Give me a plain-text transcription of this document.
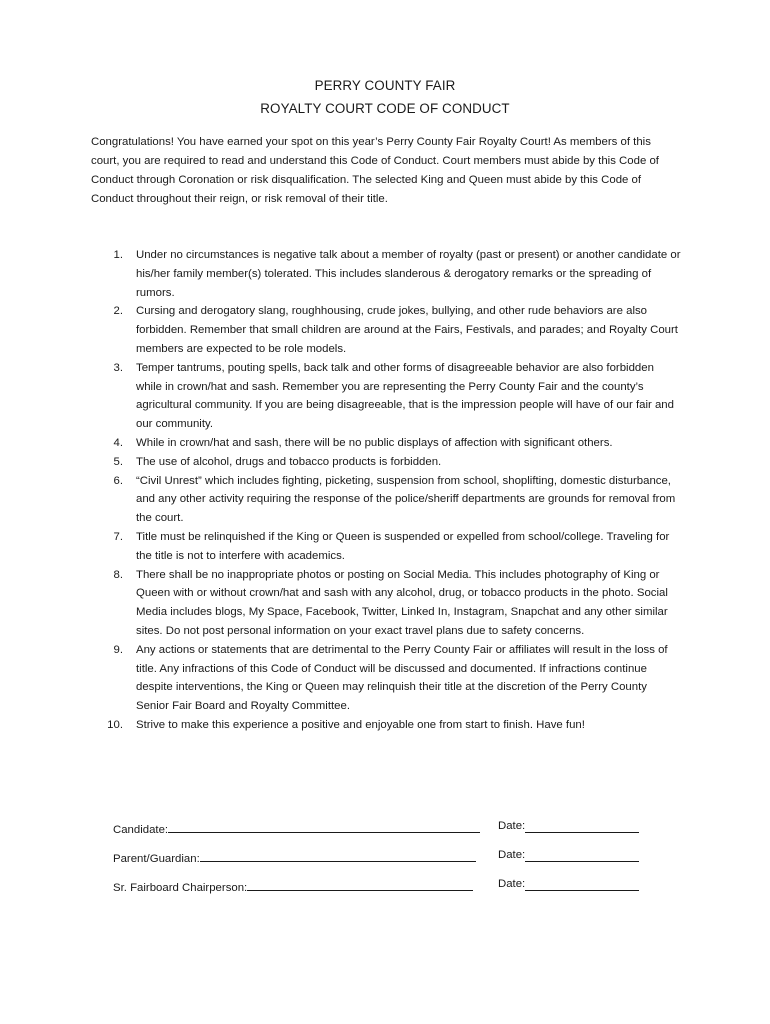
PERRY COUNTY FAIR
ROYALTY COURT CODE OF CONDUCT

Congratulations! You have earned your spot on this year’s Perry County Fair Royalty Court! As members of this court, you are required to read and understand this Code of Conduct. Court members must abide by this Code of Conduct through Coronation or risk disqualification. The selected King and Queen must abide by this Code of Conduct throughout their reign, or risk removal of their title.

1. Under no circumstances is negative talk about a member of royalty (past or present) or another candidate or his/her family member(s) tolerated. This includes slanderous & derogatory remarks or the spreading of rumors.
2. Cursing and derogatory slang, roughhousing, crude jokes, bullying, and other rude behaviors are also forbidden. Remember that small children are around at the Fairs, Festivals, and parades; and Royalty Court members are expected to be role models.
3. Temper tantrums, pouting spells, back talk and other forms of disagreeable behavior are also forbidden while in crown/hat and sash. Remember you are representing the Perry County Fair and the county’s agricultural community. If you are being disagreeable, that is the impression people will have of our fair and our community.
4. While in crown/hat and sash, there will be no public displays of affection with significant others.
5. The use of alcohol, drugs and tobacco products is forbidden.
6. “Civil Unrest” which includes fighting, picketing, suspension from school, shoplifting, domestic disturbance, and any other activity requiring the response of the police/sheriff departments are grounds for removal from the court.
7. Title must be relinquished if the King or Queen is suspended or expelled from school/college. Traveling for the title is not to interfere with academics.
8. There shall be no inappropriate photos or posting on Social Media. This includes photography of King or Queen with or without crown/hat and sash with any alcohol, drug, or tobacco products in the photo. Social Media includes blogs, My Space, Facebook, Twitter, Linked In, Instagram, Snapchat and any other similar sites. Do not post personal information on your exact travel plans due to safety concerns.
9. Any actions or statements that are detrimental to the Perry County Fair or affiliates will result in the loss of title. Any infractions of this Code of Conduct will be discussed and documented. If infractions continue despite interventions, the King or Queen may relinquish their title at the discretion of the Perry County Senior Fair Board and Royalty Committee.
10. Strive to make this experience a positive and enjoyable one from start to finish. Have fun!
Candidate:	Date:
Parent/Guardian:	Date:
Sr. Fairboard Chairperson:	Date:
